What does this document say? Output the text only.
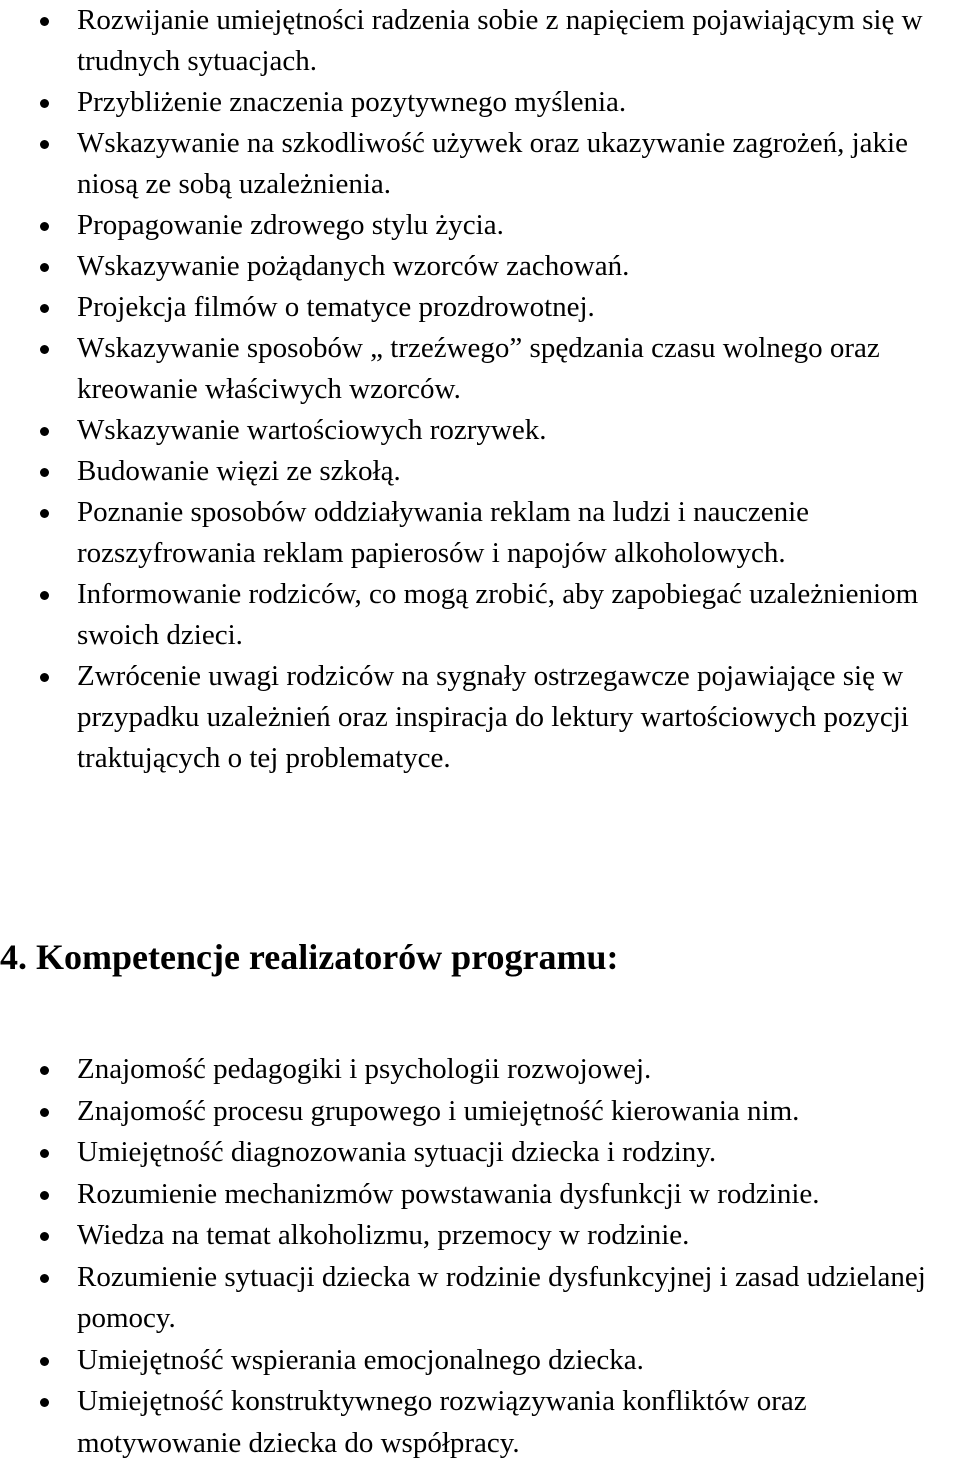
Rozwijanie umiejętności radzenia sobie z napięciem pojawiającym się w trudnych sytuacjach.
Przybliżenie znaczenia pozytywnego myślenia.
Wskazywanie na szkodliwość używek oraz ukazywanie zagrożeń, jakie niosą ze sobą uzależnienia.
Propagowanie zdrowego stylu życia.
Wskazywanie pożądanych wzorców zachowań.
Projekcja filmów o tematyce prozdrowotnej.
Wskazywanie sposobów „ trzeźwego” spędzania czasu wolnego oraz kreowanie właściwych wzorców.
Wskazywanie wartościowych rozrywek.
Budowanie więzi ze szkołą.
Poznanie sposobów oddziaływania reklam na ludzi i nauczenie rozszyfrowania reklam papierosów i napojów alkoholowych.
Informowanie rodziców, co mogą zrobić, aby zapobiegać uzależnieniom swoich dzieci.
Zwrócenie uwagi rodziców na sygnały ostrzegawcze pojawiające się w przypadku uzależnień oraz inspiracja do lektury wartościowych pozycji traktujących o tej problematyce.
4. Kompetencje realizatorów programu:
Znajomość pedagogiki i psychologii rozwojowej.
Znajomość procesu grupowego i umiejętność kierowania nim.
Umiejętność diagnozowania sytuacji dziecka i rodziny.
Rozumienie mechanizmów powstawania dysfunkcji w rodzinie.
Wiedza na temat alkoholizmu, przemocy w rodzinie.
Rozumienie sytuacji dziecka w rodzinie dysfunkcyjnej i zasad udzielanej pomocy.
Umiejętność wspierania emocjonalnego dziecka.
Umiejętność konstruktywnego rozwiązywania konfliktów oraz motywowanie dziecka do współpracy.
